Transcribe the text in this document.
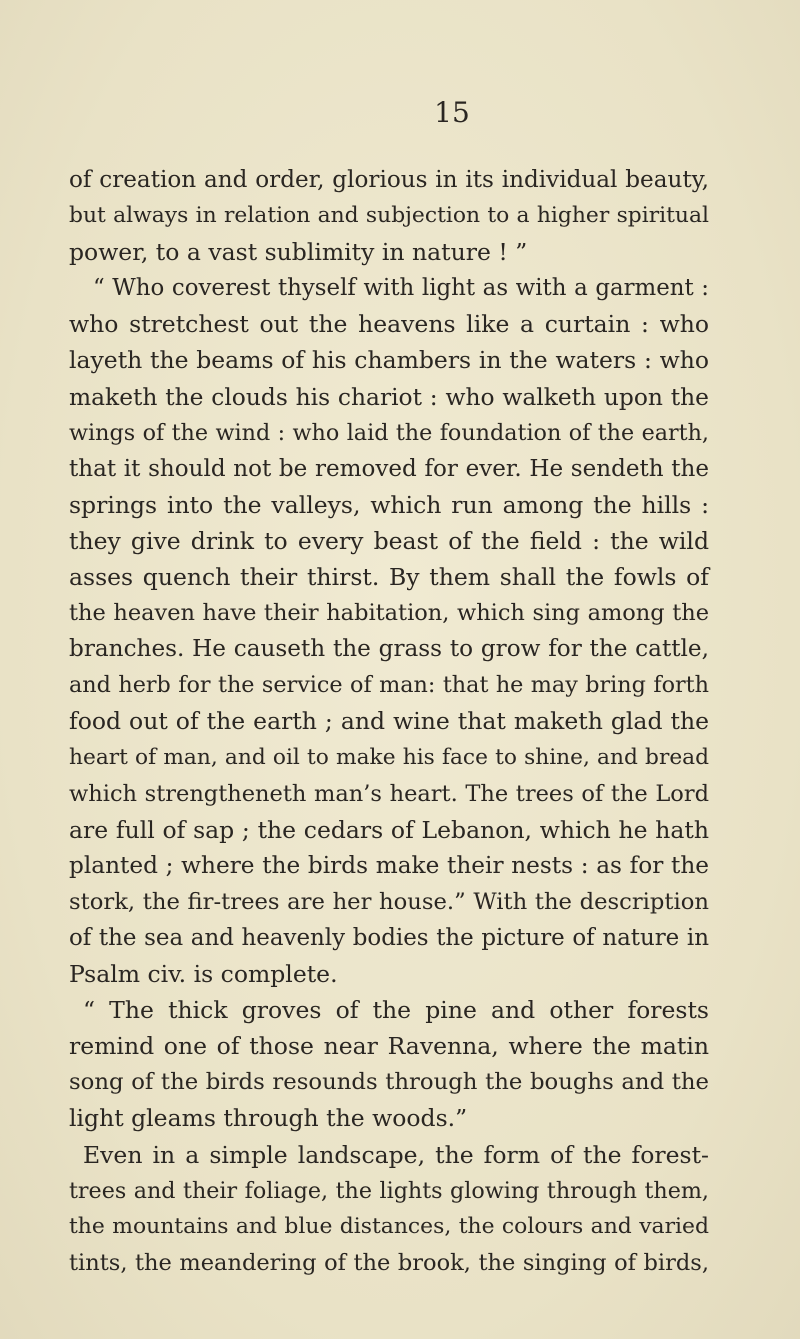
15
of creation and order, glorious in its individual beauty,
but always in relation and subjection to a higher spiritual
power, to a vast sublimity in nature ! ”
“ Who coverest thyself with light as with a garment :
who stretchest out the heavens like a curtain : who
layeth the beams of his chambers in the waters : who
maketh the clouds his chariot : who walketh upon the
wings of the wind : who laid the foundation of the earth,
that it should not be removed for ever. He sendeth the
springs into the valleys, which run among the hills :
they give drink to every beast of the field : the wild
asses quench their thirst. By them shall the fowls of
the heaven have their habitation, which sing among the
branches. He causeth the grass to grow for the cattle,
and herb for the service of man: that he may bring forth
food out of the earth ; and wine that maketh glad the
heart of man, and oil to make his face to shine, and bread
which strengtheneth man’s heart. The trees of the Lord
are full of sap ; the cedars of Lebanon, which he hath
planted ; where the birds make their nests : as for the
stork, the fir-trees are her house.” With the description
of the sea and heavenly bodies the picture of nature in
Psalm civ. is complete.
“ The thick groves of the pine and other forests
remind one of those near Ravenna, where the matin
song of the birds resounds through the boughs and the
light gleams through the woods.”
Even in a simple landscape, the form of the forest-
trees and their foliage, the lights glowing through them,
the mountains and blue distances, the colours and varied
tints, the meandering of the brook, the singing of birds,
